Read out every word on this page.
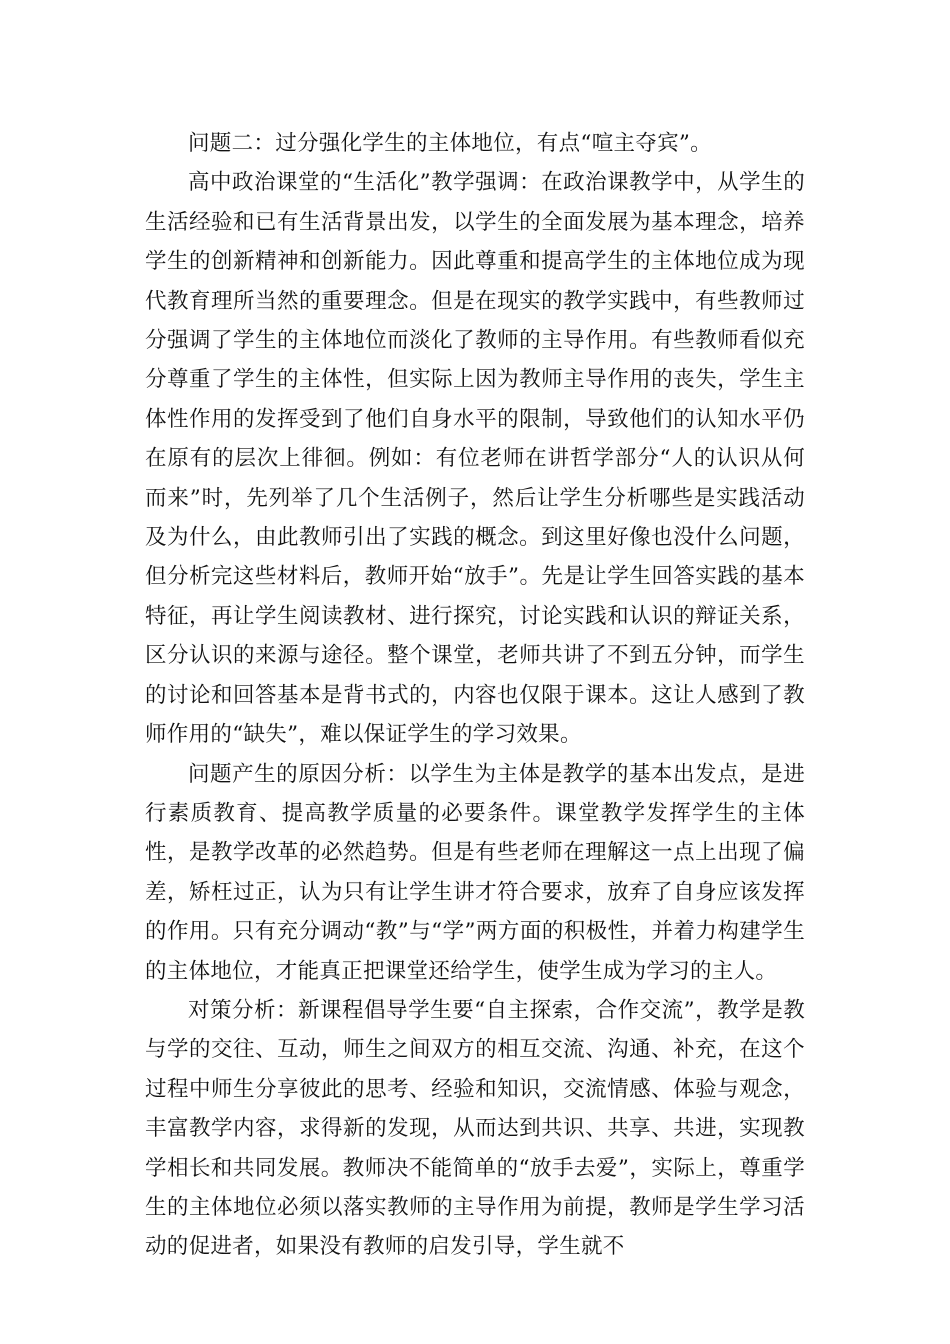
问题二：过分强化学生的主体地位，有点“喧主夺宾”。

高中政治课堂的“生活化”教学强调：在政治课教学中，从学生的生活经验和已有生活背景出发，以学生的全面发展为基本理念，培养学生的创新精神和创新能力。因此尊重和提高学生的主体地位成为现代教育理所当然的重要理念。但是在现实的教学实践中，有些教师过分强调了学生的主体地位而淡化了教师的主导作用。有些教师看似充分尊重了学生的主体性，但实际上因为教师主导作用的丧失，学生主体性作用的发挥受到了他们自身水平的限制，导致他们的认知水平仍在原有的层次上徘徊。例如：有位老师在讲哲学部分“人的认识从何而来”时，先列举了几个生活例子，然后让学生分析哪些是实践活动及为什么，由此教师引出了实践的概念。到这里好像也没什么问题，但分析完这些材料后，教师开始“放手”。先是让学生回答实践的基本特征，再让学生阅读教材、进行探究，讨论实践和认识的辩证关系，区分认识的来源与途径。整个课堂，老师共讲了不到五分钟，而学生的讨论和回答基本是背书式的，内容也仅限于课本。这让人感到了教师作用的“缺失”，难以保证学生的学习效果。

问题产生的原因分析：以学生为主体是教学的基本出发点，是进行素质教育、提高教学质量的必要条件。课堂教学发挥学生的主体性，是教学改革的必然趋势。但是有些老师在理解这一点上出现了偏差，矫枉过正，认为只有让学生讲才符合要求，放弃了自身应该发挥的作用。只有充分调动“教”与“学”两方面的积极性，并着力构建学生的主体地位，才能真正把课堂还给学生，使学生成为学习的主人。

对策分析：新课程倡导学生要“自主探索，合作交流”，教学是教与学的交往、互动，师生之间双方的相互交流、沟通、补充，在这个过程中师生分享彼此的思考、经验和知识，交流情感、体验与观念，丰富教学内容，求得新的发现，从而达到共识、共享、共进，实现教学相长和共同发展。教师决不能简单的“放手去爱”，实际上，尊重学生的主体地位必须以落实教师的主导作用为前提，教师是学生学习活动的促进者，如果没有教师的启发引导，学生就不
